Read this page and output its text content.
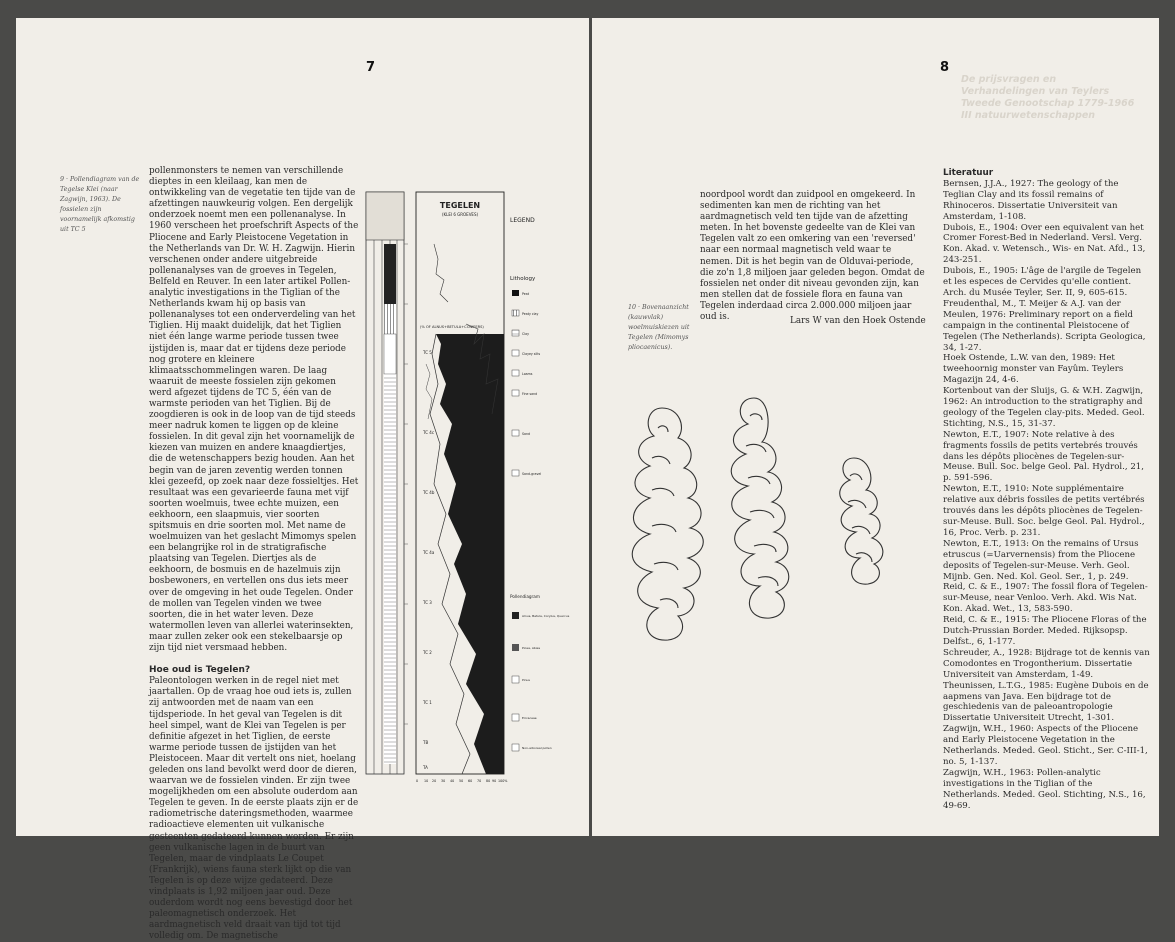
7
9 · Pollendiagram van de Tegelse Klei (naar Zagwijn, 1963). De fossielen zijn voornamelijk afkomstig uit TC 5

pollenmonsters te nemen van verschillende dieptes in een kleilaag, kan men de ontwikkeling van de vegetatie ten tijde van de afzettingen nauwkeurig volgen. Een dergelijk onderzoek noemt men een pollenanalyse. In 1960 verscheen het proefschrift Aspects of the Pliocene and Early Pleistocene Vegetation in the Netherlands van Dr. W. H. Zagwijn. Hierin verschenen onder andere uitgebreide pollenanalyses van de groeves in Tegelen, Belfeld en Reuver. In een later artikel Pollen-analytic investigations in the Tiglian of the Netherlands kwam hij op basis van pollenanalyses tot een onderverdeling van het Tiglien. Hij maakt duidelijk, dat het Tiglien niet één lange warme periode tussen twee ijstijden is, maar dat er tijdens deze periode nog grotere en kleinere klimaatsschommelingen waren. De laag waaruit de meeste fossielen zijn gekomen werd afgezet tijdens de TC 5, één van de warmste perioden van het Tiglien. Bij de zoogdieren is ook in de loop van de tijd steeds meer nadruk komen te liggen op de kleine fossielen. In dit geval zijn het voornamelijk de kiezen van muizen en andere knaagdiertjes, die de wetenschappers bezig houden. Aan het begin van de jaren zeventig werden tonnen klei gezeefd, op zoek naar deze fossieltjes. Het resultaat was een gevarieerde fauna met vijf soorten woelmuis, twee echte muizen, een eekhoorn, een slaapmuis, vier soorten spitsmuis en drie soorten mol. Met name de woelmuizen van het geslacht Mimomys spelen een belangrijke rol in de stratigrafische plaatsing van Tegelen. Diertjes als de eekhoorn, de bosmuis en de hazelmuis zijn bosbewoners, en vertellen ons dus iets meer over de omgeving in het oude Tegelen. Onder de mollen van Tegelen vinden we twee soorten, die in het water leven. Deze watermollen leven van allerlei waterinsekten, maar zullen zeker ook een stekelbaarsje op zijn tijd niet versmaad hebben.

Hoe oud is Tegelen?

Paleontologen werken in de regel niet met jaartallen. Op de vraag hoe oud iets is, zullen zij antwoorden met de naam van een tijdsperiode. In het geval van Tegelen is dit heel simpel, want de Klei van Tegelen is per definitie afgezet in het Tiglien, de eerste warme periode tussen de ijstijden van het Pleistoceen. Maar dit vertelt ons niet, hoelang geleden ons land bevolkt werd door de dieren, waarvan we de fossielen vinden. Er zijn twee mogelijkheden om een absolute ouderdom aan Tegelen te geven. In de eerste plaats zijn er de radiometrische dateringsmethoden, waarmee radioactieve elementen uit vulkanische gesteenten gedateerd kunnen worden. Er zijn geen vulkanische lagen in de buurt van Tegelen, maar de vindplaats Le Coupet (Frankrijk), wiens fauna sterk lijkt op die van Tegelen is op deze wijze gedateerd. Deze vindplaats is 1,92 miljoen jaar oud. Deze ouderdom wordt nog eens bevestigd door het paleomagnetisch onderzoek. Het aardmagnetisch veld draait van tijd tot tijd volledig om. De magnetische

TEGELEN
(KLEI 6 GROEVES)
(% OF ALNUS+BETULA+CONIFERS)
TC 5
TC 4c
TC 4b
TC 4a
TC 3
TC 2
TC 1
TB
TA
0 10 20 30 40 50 60 70 80 90 100%
LEGEND
Lithology
Peat
Peaty clay
Clay
Clayey silts
Loams
Fine sand
Sand
Sand-gravel
Pollendiagram
Alnus, Betula, Corylus, Quercus
Picea, Abies
Pinus
Ericaceae
Non-arboreal pollen
8
De prijsvragen en Verhandelingen van Teylers Tweede Genootschap 1779-1966 III natuurwetenschappen
10 · Bovenaanzicht (kauwvlak) woelmuiskiezen uit Tegelen (Mimomys pliocaenicus).

noordpool wordt dan zuidpool en omgekeerd. In sedimenten kan men de richting van het aardmagnetisch veld ten tijde van de afzetting meten. In het bovenste gedeelte van de Klei van Tegelen valt zo een omkering van een 'reversed' naar een normaal magnetisch veld waar te nemen. Dit is het begin van de Olduvai-periode, die zo'n 1,8 miljoen jaar geleden begon. Omdat de fossielen net onder dit niveau gevonden zijn, kan men stellen dat de fossiele flora en fauna van Tegelen inderdaad circa 2.000.000 miljoen jaar oud is.	Lars W van den Hoek Ostende

Literatuur

Bernsen, J.J.A., 1927: The geology of the Teglian Clay and its fossil remains of Rhinoceros. Dissertatie Universiteit van Amsterdam, 1-108.

Dubois, E., 1904: Over een equivalent van het Cromer Forest-Bed in Nederland. Versl. Verg. Kon. Akad. v. Wetensch., Wis- en Nat. Afd., 13, 243-251.

Dubois, E., 1905: L'âge de l'argile de Tegelen et les especes de Cervides qu'elle contient. Arch. du Musée Teyler, Ser. II, 9, 605-615.

Freudenthal, M., T. Meijer & A.J. van der Meulen, 1976: Preliminary report on a field campaign in the continental Pleistocene of Tegelen (The Netherlands). Scripta Geologica, 34, 1-27.

Hoek Ostende, L.W. van den, 1989: Het tweehoornig monster van Fayûm. Teylers Magazijn 24, 4-6.

Kortenbout van der Sluijs, G. & W.H. Zagwijn, 1962: An introduction to the stratigraphy and geology of the Tegelen clay-pits. Meded. Geol. Stichting, N.S., 15, 31-37.

Newton, E.T., 1907: Note relative à des fragments fossils de petits vertebrés trouvés dans les dépôts pliocènes de Tegelen-sur-Meuse. Bull. Soc. belge Geol. Pal. Hydrol., 21, p. 591-596.

Newton, E.T., 1910: Note supplémentaire relative aux débris fossiles de petits vertébrés trouvés dans les dépôts pliocènes de Tegelen-sur-Meuse. Bull. Soc. belge Geol. Pal. Hydrol., 16, Proc. Verb. p. 231.

Newton, E.T., 1913: On the remains of Ursus etruscus (=Uarvernensis) from the Pliocene deposits of Tegelen-sur-Meuse. Verh. Geol. Mijnb. Gen. Ned. Kol. Geol. Ser., 1, p. 249.

Reid, C. & E., 1907: The fossil flora of Tegelen-sur-Meuse, near Venloo. Verh. Akd. Wis Nat. Kon. Akad. Wet., 13, 583-590.

Reid, C. & E., 1915: The Pliocene Floras of the Dutch-Prussian Border. Meded. Rijksopsp. Delfst., 6, 1-177.

Schreuder, A., 1928: Bijdrage tot de kennis van Comodontes en Trogontherium. Dissertatie Universiteit van Amsterdam, 1-49.

Theunissen, L.T.G., 1985: Eugène Dubois en de aapmens van Java. Een bijdrage tot de geschiedenis van de paleoantropologie Dissertatie Universiteit Utrecht, 1-301.

Zagwijn, W.H., 1960: Aspects of the Pliocene and Early Pleistocene Vegetation in the Netherlands. Meded. Geol. Sticht., Ser. C-III-1, no. 5, 1-137.

Zagwijn, W.H., 1963: Pollen-analytic investigations in the Tiglian of the Netherlands. Meded. Geol. Stichting, N.S., 16, 49-69.
